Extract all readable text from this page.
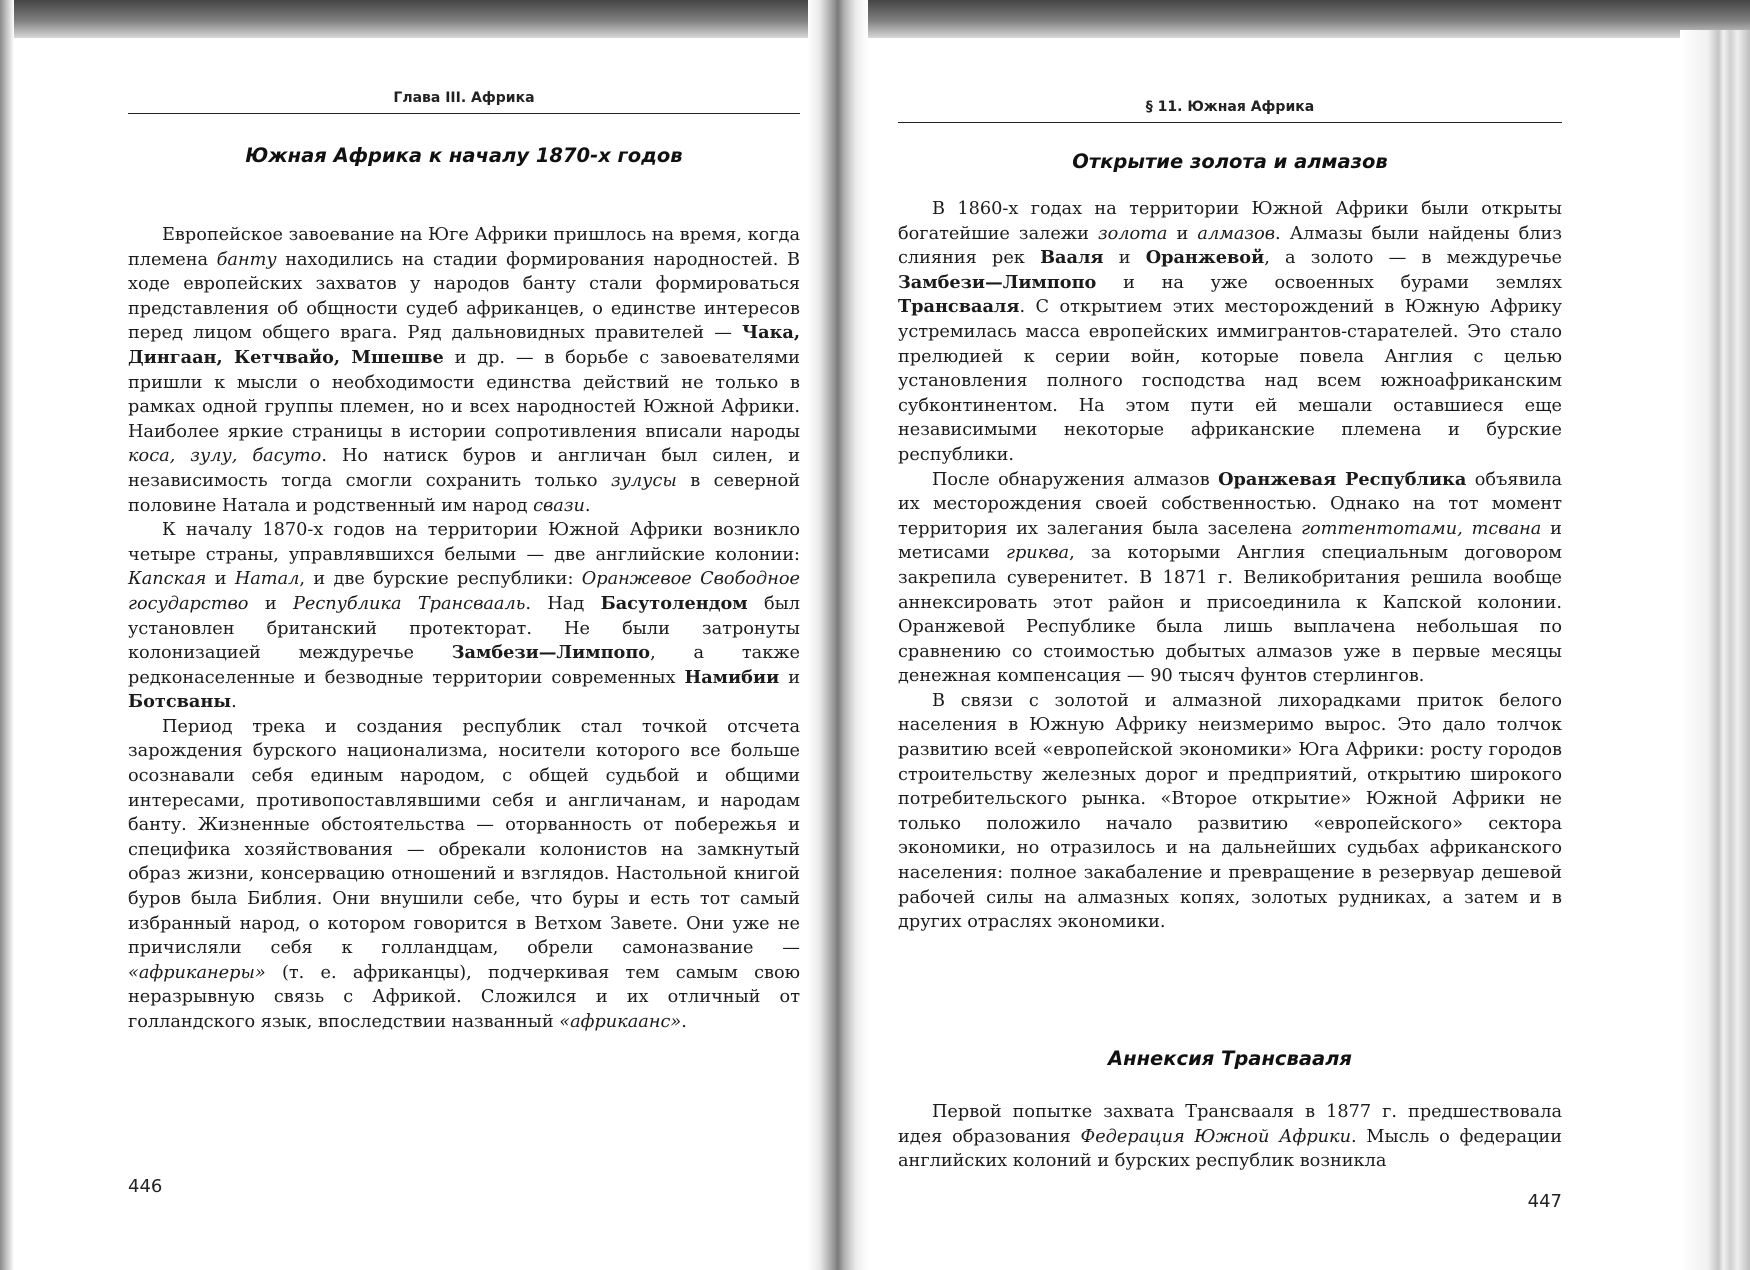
Глава III. Африка
Южная Африка к началу 1870-х годов

Европейское завоевание на Юге Африки пришлось на время, когда племена банту находились на стадии формирования народностей. В ходе европейских захватов у народов банту стали формироваться представления об общности судеб африканцев, о единстве интересов перед лицом общего врага. Ряд дальновидных правителей — Чака, Дингаан, Кетчвайо, Мшешве и др. — в борьбе с завоевателями пришли к мысли о необходимости единства действий не только в рамках одной группы племен, но и всех народностей Южной Африки. Наиболее яркие страницы в истории сопротивления вписали народы коса, зулу, басуто. Но натиск буров и англичан был силен, и независимость тогда смогли сохранить только зулусы в северной половине Натала и родственный им народ свази.

К началу 1870-х годов на территории Южной Африки возникло четыре страны, управлявшихся белыми — две английские колонии: Капская и Натал, и две бурские республики: Оранжевое Свободное государство и Республика Трансвааль. Над Басутолендом был установлен британский протекторат. Не были затронуты колонизацией междуречье Замбези—Лимпопо, а также редконаселенные и безводные территории современных Намибии и Ботсваны.

Период трека и создания республик стал точкой отсчета зарождения бурского национализма, носители которого все больше осознавали себя единым народом, с общей судьбой и общими интересами, противопоставлявшими себя и англичанам, и народам банту. Жизненные обстоятельства — оторванность от побережья и специфика хозяйствования — обрекали колонистов на замкнутый образ жизни, консервацию отношений и взглядов. Настольной книгой буров была Библия. Они внушили себе, что буры и есть тот самый избранный народ, о котором говорится в Ветхом Завете. Они уже не причисляли себя к голландцам, обрели самоназвание — «африканеры» (т. е. африканцы), подчеркивая тем самым свою неразрывную связь с Африкой. Сложился и их отличный от голландского язык, впоследствии названный «африкаанс».

446
§ 11. Южная Африка
Открытие золота и алмазов

В 1860-х годах на территории Южной Африки были открыты богатейшие залежи золота и алмазов. Алмазы были найдены близ слияния рек Вааля и Оранжевой, а золото — в междуречье Замбези—Лимпопо и на уже освоенных бурами землях Трансвааля. С открытием этих месторождений в Южную Африку устремилась масса европейских иммигрантов-старателей. Это стало прелюдией к серии войн, которые повела Англия с целью установления полного господства над всем южноафриканским субконтинентом. На этом пути ей мешали оставшиеся еще независимыми некоторые африканские племена и бурские республики.

После обнаружения алмазов Оранжевая Республика объявила их месторождения своей собственностью. Однако на тот момент территория их залегания была заселена готтентотами, тсвана и метисами гриква, за которыми Англия специальным договором закрепила суверенитет. В 1871 г. Великобритания решила вообще аннексировать этот район и присоединила к Капской колонии. Оранжевой Республике была лишь выплачена небольшая по сравнению со стоимостью добытых алмазов уже в первые месяцы денежная компенсация — 90 тысяч фунтов стерлингов.

В связи с золотой и алмазной лихорадками приток белого населения в Южную Африку неизмеримо вырос. Это дало толчок развитию всей «европейской экономики» Юга Африки: росту городов строительству железных дорог и предприятий, открытию широкого потребительского рынка. «Второе открытие» Южной Африки не только положило начало развитию «европейского» сектора экономики, но отразилось и на дальнейших судьбах африканского населения: полное закабаление и превращение в резервуар дешевой рабочей силы на алмазных копях, золотых рудниках, а затем и в других отраслях экономики.

Аннексия Трансвааля

Первой попыткe захвата Трансвааля в 1877 г. предшествовала идея образования Федерация Южной Африки. Мысль о федерации английских колоний и бурских республик возникла

447
